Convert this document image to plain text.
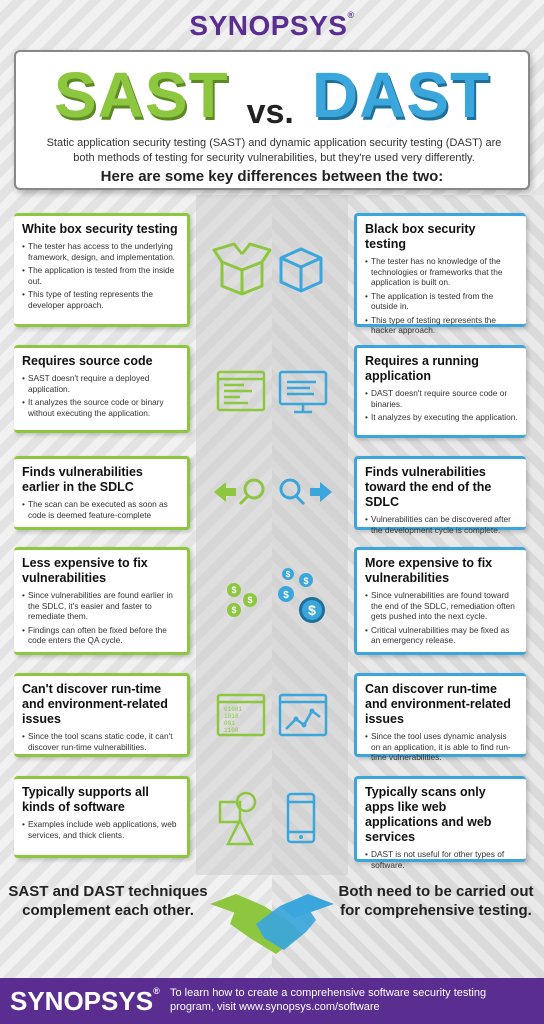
SYNOPSYS®
SAST vs. DAST

Static application security testing (SAST) and dynamic application security testing (DAST) are both methods of testing for security vulnerabilities, but they're used very differently.

Here are some key differences between the two:
White box security testing
• The tester has access to the underlying framework, design, and implementation.
• The application is tested from the inside out.
• This type of testing represents the developer approach.
Black box security testing
• The tester has no knowledge of the technologies or frameworks that the application is built on.
• The application is tested from the outside in.
• This type of testing represents the hacker approach.
Requires source code
• SAST doesn't require a deployed application.
• It analyzes the source code or binary without executing the application.
Requires a running application
• DAST doesn't require source code or binaries.
• It analyzes by executing the application.
Finds vulnerabilities earlier in the SDLC
• The scan can be executed as soon as code is deemed feature-complete
Finds vulnerabilities toward the end of the SDLC
• Vulnerabilities can be discovered after the development cycle is complete.
Less expensive to fix vulnerabilities
• Since vulnerabilities are found earlier in the SDLC, it's easier and faster to remediate them.
• Findings can often be fixed before the code enters the QA cycle.
More expensive to fix vulnerabilities
• Since vulnerabilities are found toward the end of the SDLC, remediation often gets pushed into the next cycle.
• Critical vulnerabilities may be fixed as an emergency release.
$
$
$
$
$
$
$
Can't discover run-time and environment-related issues
• Since the tool scans static code, it can't discover run-time vulnerabilities.
Can discover run-time and environment-related issues
• Since the tool uses dynamic analysis on an application, it is able to find run-time vulnerabilities.
01001
1010
001
1100
Typically supports all kinds of software
• Examples include web applications, web services, and thick clients.
Typically scans only apps like web applications and web services
• DAST is not useful for other types of software.
SAST and DAST techniques complement each other.
Both need to be carried out for comprehensive testing.
SYNOPSYS® To learn how to create a comprehensive software security testing program, visit www.synopsys.com/software
